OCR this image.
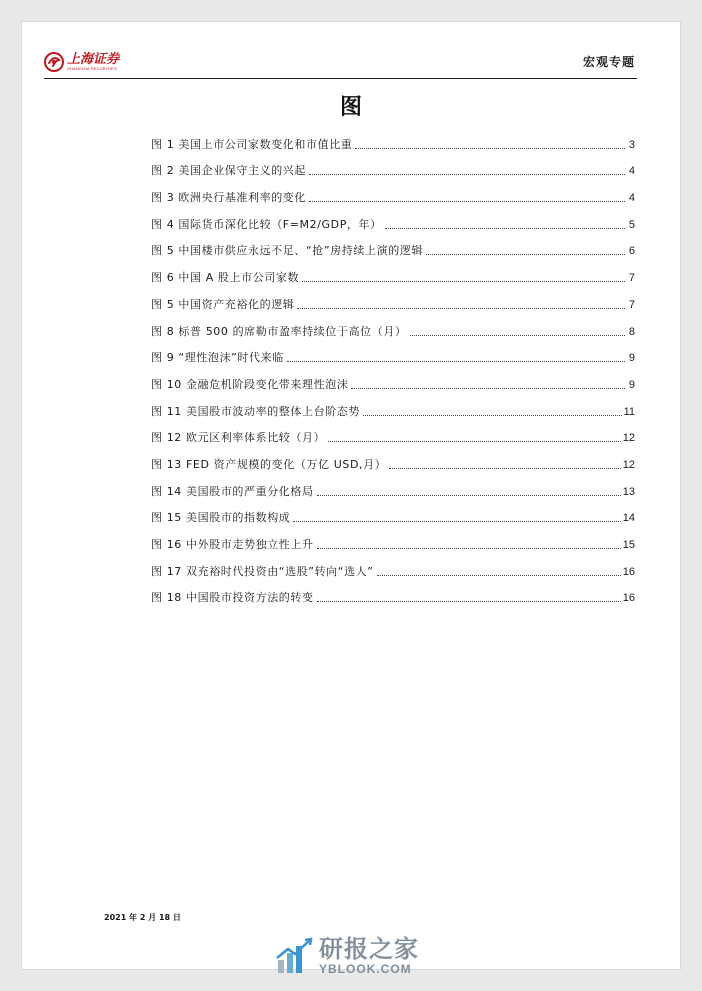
上海证券
SHANGHAI SECURITIES	宏观专题
图
图 1 美国上市公司家数变化和市值比重	3
图 2 美国企业保守主义的兴起	4
图 3 欧洲央行基准利率的变化	4
图 4 国际货币深化比较（F=M2/GDP，年）	5
图 5 中国楼市供应永远不足、“抢”房持续上演的逻辑	6
图 6 中国 A 股上市公司家数	7
图 5 中国资产充裕化的逻辑	7
图 8 标普 500 的席勒市盈率持续位于高位（月）	8
图 9 “理性泡沫”时代来临	9
图 10 金融危机阶段变化带来理性泡沫	9
图 11 美国股市波动率的整体上台阶态势	11
图 12 欧元区利率体系比较（月）	12
图 13 FED 资产规模的变化（万亿 USD,月）	12
图 14 美国股市的严重分化格局	13
图 15 美国股市的指数构成	14
图 16 中外股市走势独立性上升	15
图 17 双充裕时代投资由“选股”转向“选人”	16
图 18 中国股市投资方法的转变	16
2021 年 2 月 18 日
研报之家
YBLOOK.COM
